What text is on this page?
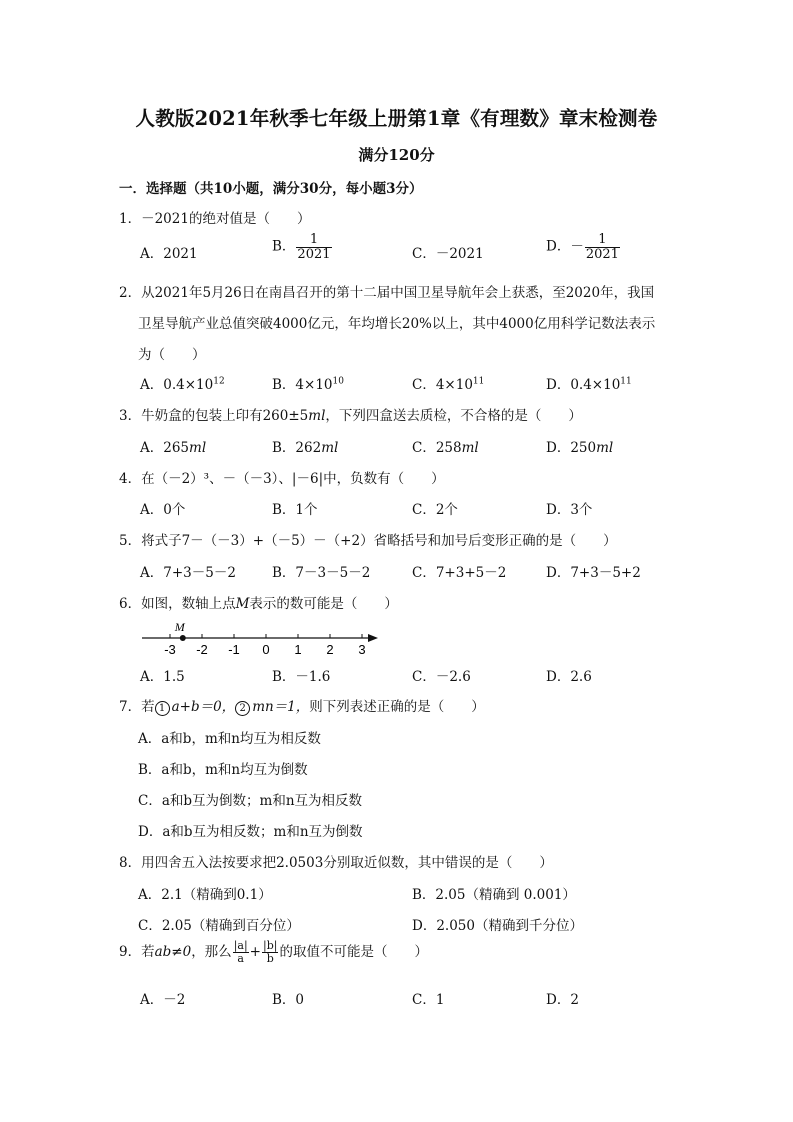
人教版2021年秋季七年级上册第1章《有理数》章末检测卷
满分120分
一．选择题（共10小题，满分30分，每小题3分）
1．－2021的绝对值是（　　）
A．2021	B． $\frac{1}{2021}$	C．－2021	D．－ $\frac{1}{2021}$
2．从2021年5月26日在南昌召开的第十二届中国卫星导航年会上获悉，至2020年，我国
卫星导航产业总值突破4000亿元，年均增长20%以上，其中4000亿用科学记数法表示
为（　　）
A．$0.4\times 10^{12}$	B．$4\times 10^{10}$	C．$4\times 10^{11}$	D．$0.4\times 10^{11}$
3．牛奶盒的包装上印有260±5ml，下列四盒送去质检，不合格的是（　　）
A．265ml	B．262ml	C．258ml	D．250ml
4．在（－2）³、－（－3）、|－6|中，负数有（　　）
A．0个	B．1个	C．2个	D．3个
5．将式子7－（－3）+（－5）－（+2）省略括号和加号后变形正确的是（　　）
A．7+3－5－2	B．7－3－5－2	C．7+3+5－2	D．7+3－5+2
6．如图，数轴上点M表示的数可能是（　　）
-3 -2 -1 0 1 2 3
M
A．1.5	B．－1.6	C．－2.6	D．2.6
7．若 1 a+b＝0， 2 mn＝1，则下列表述正确的是（　　）
A．a和b，m和n均互为相反数
B．a和b，m和n均互为倒数
C．a和b互为倒数；m和n互为相反数
D．a和b互为相反数；m和n互为倒数
8．用四舍五入法按要求把2.0503分别取近似数，其中错误的是（　　）
A．2.1（精确到0.1）	B．2.05（精确到 0.001）
C．2.05（精确到百分位）	D．2.050（精确到千分位）
9．若ab≠0，那么 $\frac{|a|}{a} + \frac{|b|}{b}$ 的取值不可能是（　　）
A．－2	B．0	C．1	D．2
